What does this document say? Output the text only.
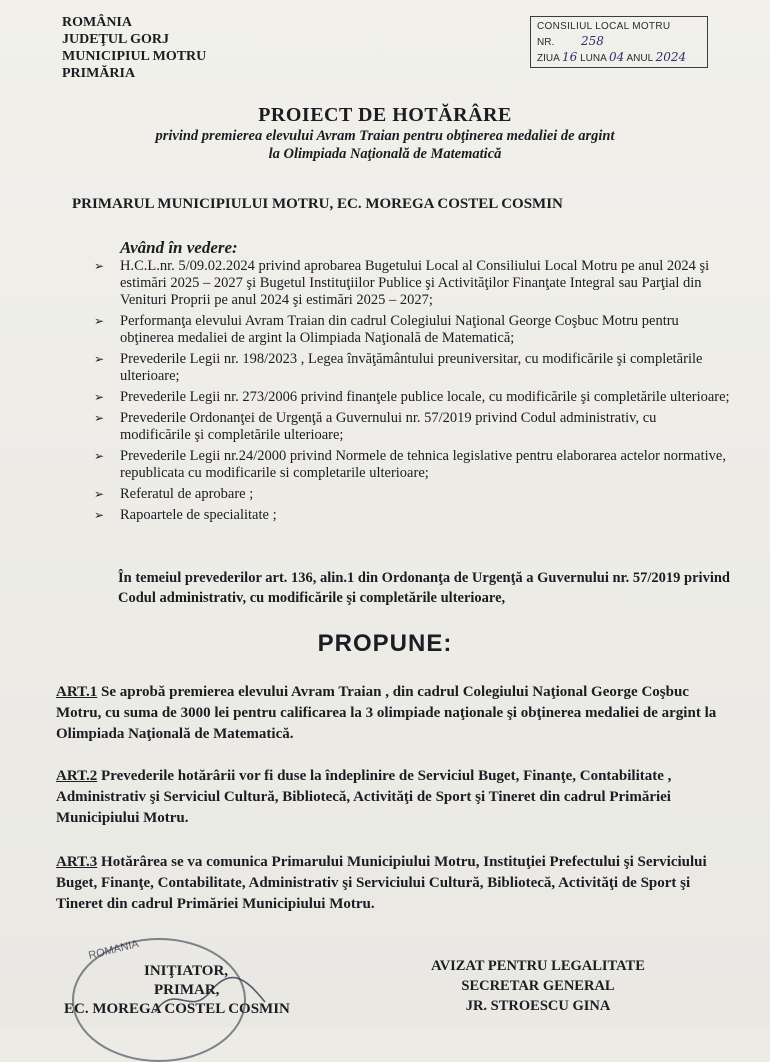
ROMÂNIA
JUDEŢUL GORJ
MUNICIPIUL MOTRU
PRIMĂRIA
CONSILIUL LOCAL MOTRU
NR. 258
ZIUA 16 LUNA 04 ANUL 2024
PROIECT DE HOTĂRÂRE
privind premierea elevului Avram Traian pentru obţinerea medaliei de argint
la Olimpiada Naţională de Matematică
PRIMARUL MUNICIPIULUI MOTRU, EC. MOREGA COSTEL COSMIN
Având în vedere:
➢ H.C.L.nr. 5/09.02.2024 privind aprobarea Bugetului Local al Consiliului Local Motru pe anul 2024 şi estimări 2025 – 2027 şi Bugetul Instituţiilor Publice şi Activităţilor Finanţate Integral sau Parţial din Venituri Proprii pe anul 2024 şi estimări 2025 – 2027;
➢ Performanţa elevului Avram Traian din cadrul Colegiului Naţional George Coşbuc Motru pentru obţinerea medaliei de argint la Olimpiada Naţională de Matematică;
➢ Prevederile Legii nr. 198/2023 , Legea învăţământului preuniversitar, cu modificările şi completările ulterioare;
➢ Prevederile Legii nr. 273/2006 privind finanţele publice locale, cu modificările şi completările ulterioare;
➢ Prevederile Ordonanţei de Urgenţă a Guvernului nr. 57/2019 privind Codul administrativ, cu modificările şi completările ulterioare;
➢ Prevederile Legii nr.24/2000 privind Normele de tehnica legislative pentru elaborarea actelor normative, republicata cu modificarile si completarile ulterioare;
➢ Referatul de aprobare ;
➢ Rapoartele de specialitate ;
În temeiul prevederilor art. 136, alin.1 din Ordonanţa de Urgenţă a Guvernului nr. 57/2019 privind Codul administrativ, cu modificările şi completările ulterioare,
PROPUNE:
ART.1 Se aprobă premierea elevului Avram Traian , din cadrul Colegiului Naţional George Coşbuc Motru, cu suma de 3000 lei pentru calificarea la 3 olimpiade naţionale şi obţinerea medaliei de argint la Olimpiada Naţională de Matematică.
ART.2 Prevederile hotărârii vor fi duse la îndeplinire de Serviciul Buget, Finanţe, Contabilitate , Administrativ şi Serviciul Cultură, Bibliotecă, Activităţi de Sport şi Tineret din cadrul Primăriei Municipiului Motru.
ART.3 Hotărârea se va comunica Primarului Municipiului Motru, Instituţiei Prefectului şi Serviciului Buget, Finanţe, Contabilitate, Administrativ şi Serviciului Cultură, Bibliotecă, Activităţi de Sport şi Tineret din cadrul Primăriei Municipiului Motru.
ROMANIA
INIŢIATOR,
PRIMAR,
EC. MOREGA COSTEL COSMIN
AVIZAT PENTRU LEGALITATE
SECRETAR GENERAL
JR. STROESCU GINA
